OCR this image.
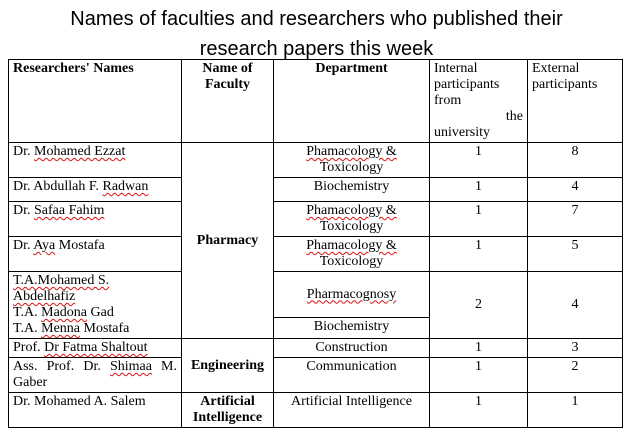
Names of faculties and researchers who published their
research papers this week
Researchers' Names	Name of Faculty	Department	Internal participants from
the
university	External participants
Dr. Mohamed Ezzat	Pharmacy	Phamacology &
Toxicology	1	8
Dr. Abdullah F. Radwan		Biochemistry	1	4
Dr. Safaa Fahim		Phamacology &
Toxicology	1	7
Dr. Aya Mostafa		Phamacology &
Toxicology	1	5

T.A.Mohamed S.
Abdelhafiz
T.A. Madona Gad
T.A. Menna Mostafa		Pharmacognosy	2	4
		Biochemistry		
Prof. Dr Fatma Shaltout	Engineering	Construction	1	3

Ass. Prof. Dr. Shimaa M.
Gaber		Communication	1	2
Dr. Mohamed A. Salem	Artificial
Intelligence	Artificial Intelligence	1	1
